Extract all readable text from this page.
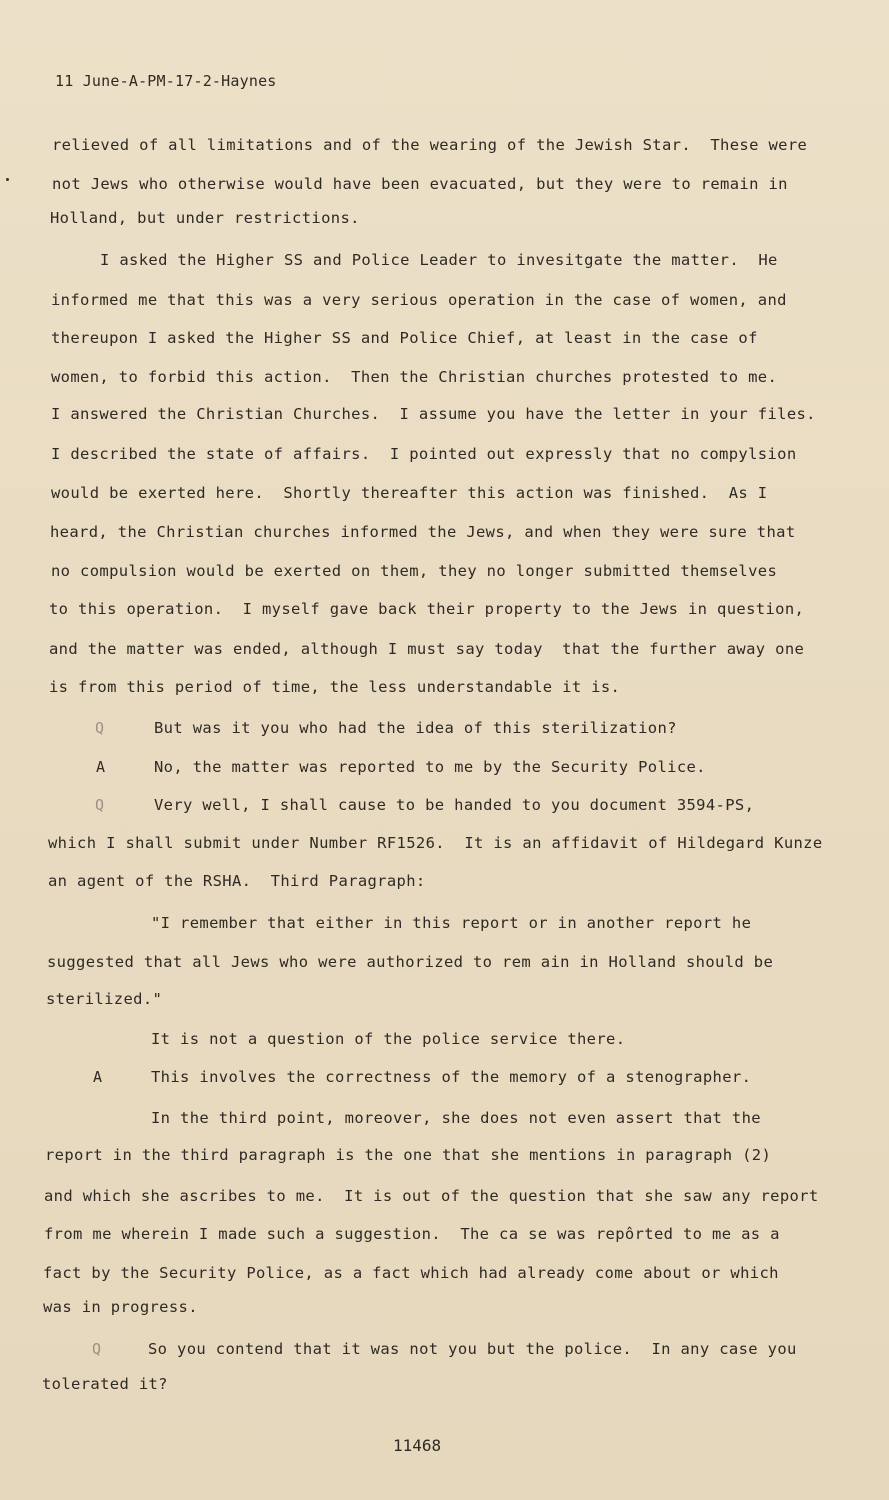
11 June-A-PM-17-2-Haynes
relieved of all limitations and of the wearing of the Jewish Star.  These were
not Jews who otherwise would have been evacuated, but they were to remain in
Holland, but under restrictions.
I asked the Higher SS and Police Leader to invesitgate the matter.  He
informed me that this was a very serious operation in the case of women, and
thereupon I asked the Higher SS and Police Chief, at least in the case of
women, to forbid this action.  Then the Christian churches protested to me.
I answered the Christian Churches.  I assume you have the letter in your files.
I described the state of affairs.  I pointed out expressly that no compylsion
would be exerted here.  Shortly thereafter this action was finished.  As I
heard, the Christian churches informed the Jews, and when they were sure that
no compulsion would be exerted on them, they no longer submitted themselves
to this operation.  I myself gave back their property to the Jews in question,
and the matter was ended, although I must say today  that the further away one
is from this period of time, the less understandable it is.
Q	But was it you who had the idea of this sterilization?
A	No, the matter was reported to me by the Security Police.
Q	Very well, I shall cause to be handed to you document 3594-PS,
which I shall submit under Number RF1526.  It is an affidavit of Hildegard Kunze
an agent of the RSHA.  Third Paragraph:
"I remember that either in this report or in another report he
suggested that all Jews who were authorized to rem ain in Holland should be
sterilized."
It is not a question of the police service there.
A	This involves the correctness of the memory of a stenographer.
In the third point, moreover, she does not even assert that the
report in the third paragraph is the one that she mentions in paragraph (2)
and which she ascribes to me.  It is out of the question that she saw any report
from me wherein I made such a suggestion.  The ca se was repôrted to me as a
fact by the Security Police, as a fact which had already come about or which
was in progress.
Q	So you contend that it was not you but the police.  In any case you
tolerated it?
11468
